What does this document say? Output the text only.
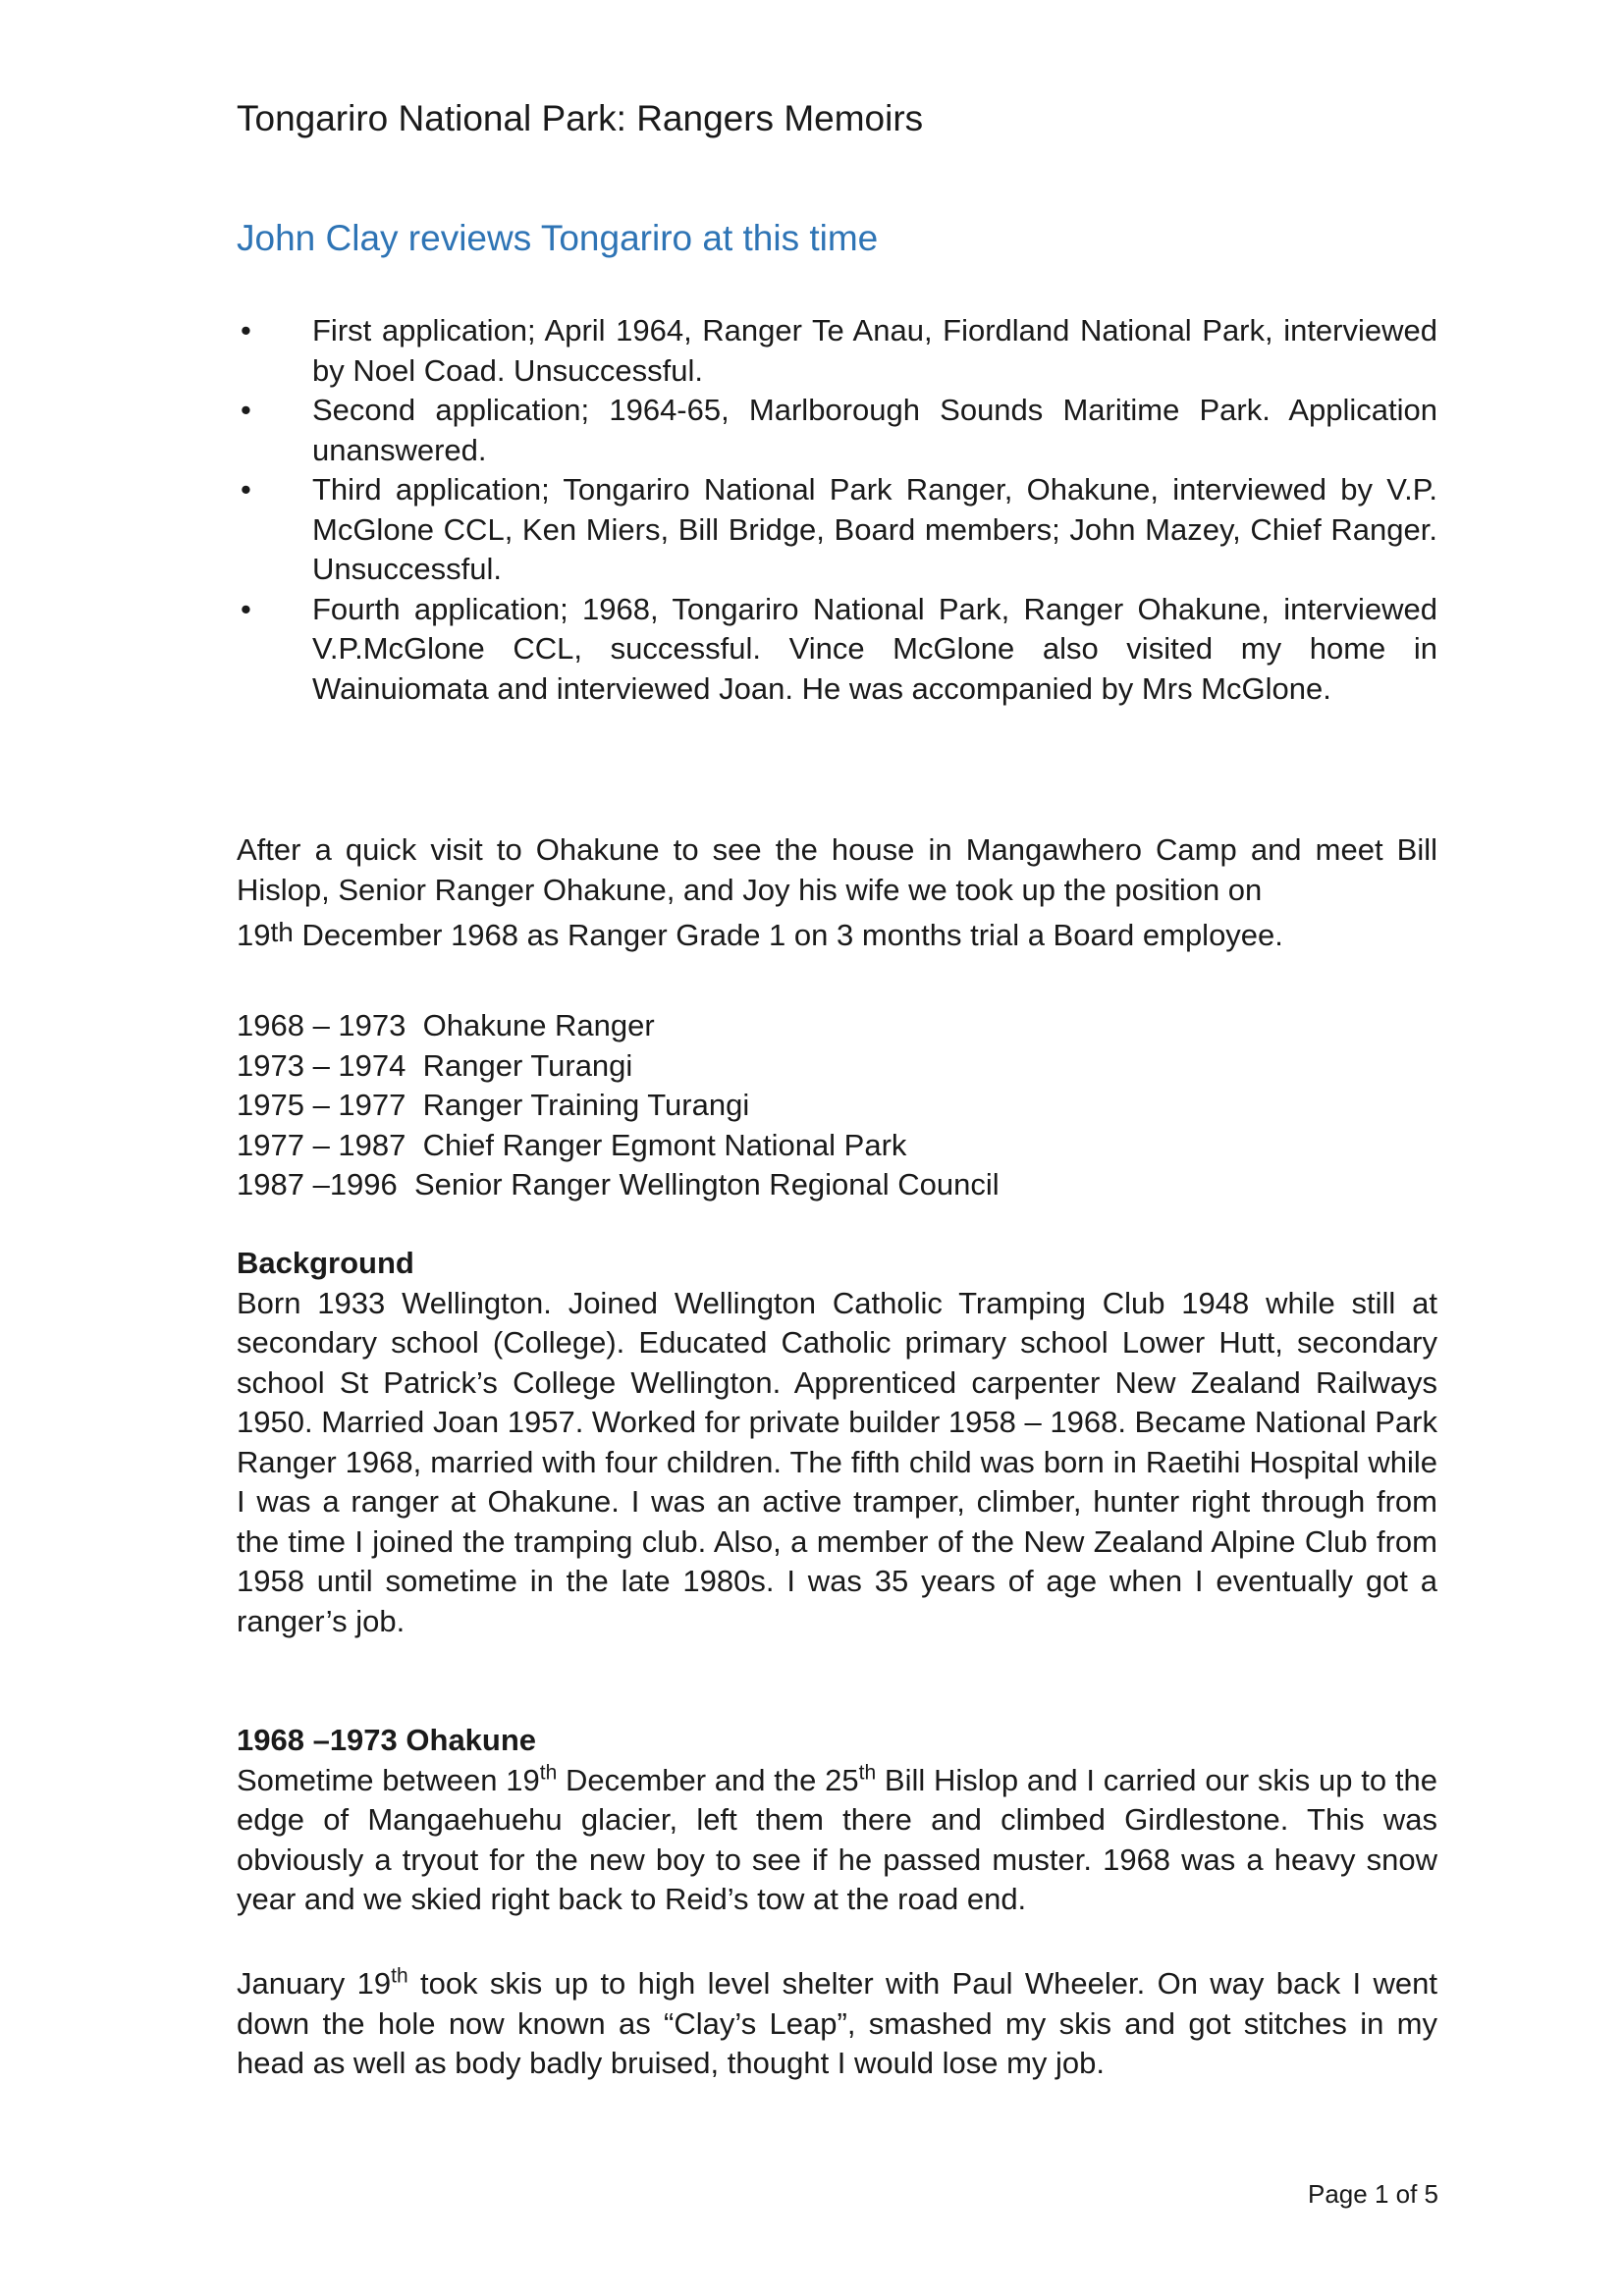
Tongariro National Park: Rangers Memoirs
John Clay reviews Tongariro at this time
• First application; April 1964, Ranger Te Anau, Fiordland National Park, interviewed by Noel Coad. Unsuccessful.
• Second application; 1964-65, Marlborough Sounds Maritime Park. Application unanswered.
• Third application; Tongariro National Park Ranger, Ohakune, interviewed by V.P. McGlone CCL, Ken Miers, Bill Bridge, Board members; John Mazey, Chief Ranger. Unsuccessful.
• Fourth application; 1968, Tongariro National Park, Ranger Ohakune, interviewed V.P.McGlone CCL, successful. Vince McGlone also visited my home in Wainuiomata and interviewed Joan. He was accompanied by Mrs McGlone.

After a quick visit to Ohakune to see the house in Mangawhero Camp and meet Bill Hislop, Senior Ranger Ohakune, and Joy his wife we took up the position on
19th December 1968 as Ranger Grade 1 on 3 months trial a Board employee.

1968 – 1973  Ohakune Ranger
1973 – 1974  Ranger Turangi
1975 – 1977  Ranger Training Turangi
1977 – 1987  Chief Ranger Egmont National Park
1987 –1996  Senior Ranger Wellington Regional Council

Background
Born 1933 Wellington. Joined Wellington Catholic Tramping Club 1948 while still at secondary school (College). Educated Catholic primary school Lower Hutt, secondary school St Patrick’s College Wellington. Apprenticed carpenter New Zealand Railways 1950. Married Joan 1957. Worked for private builder 1958 – 1968. Became National Park Ranger 1968, married with four children. The fifth child was born in Raetihi Hospital while I was a ranger at Ohakune. I was an active tramper, climber, hunter right through from the time I joined the tramping club. Also, a member of the New Zealand Alpine Club from 1958 until sometime in the late 1980s. I was 35 years of age when I eventually got a ranger’s job.

1968 –1973 Ohakune
Sometime between 19th December and the 25th Bill Hislop and I carried our skis up to the edge of Mangaehuehu glacier, left them there and climbed Girdlestone. This was obviously a tryout for the new boy to see if he passed muster. 1968 was a heavy snow year and we skied right back to Reid’s tow at the road end.

January 19th took skis up to high level shelter with Paul Wheeler. On way back I went down the hole now known as “Clay’s Leap”, smashed my skis and got stitches in my head as well as body badly bruised, thought I would lose my job.

Page 1 of 5
